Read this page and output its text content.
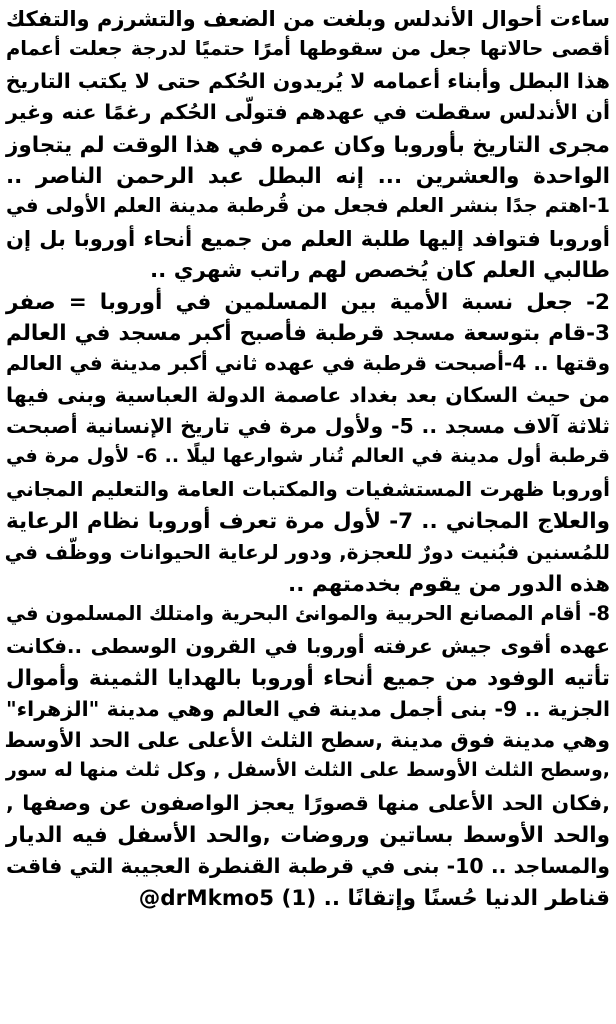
ساءت أحوال الأندلس وبلغت من الضعف والتشرزم والتفكك
أقصى حالاتها جعل من سقوطها أمرًا حتميًا لدرجة جعلت أعمام
هذا البطل وأبناء أعمامه لا يُريدون الحُكم حتى لا يكتب التاريخ
أن الأندلس سقطت في عهدهم فتولّى الحُكم رغمًا عنه وغير
مجرى التاريخ بأوروبا وكان عمره في هذا الوقت لم يتجاوز
الواحدة والعشرين ... إنه البطل عبد الرحمن الناصر ..
1-اهتم جدًا بنشر العلم فجعل من قُرطبة مدينة العلم الأولى في
أوروبا فتوافد إليها طلبة العلم من جميع أنحاء أوروبا بل إن
طالبي العلم كان يُخصص لهم راتب شهري ..
2- جعل نسبة الأمية بين المسلمين في أوروبا = صفر
3-قام بتوسعة مسجد قرطبة فأصبح أكبر مسجد في العالم
وقتها .. 4-أصبحت قرطبة في عهده ثاني أكبر مدينة في العالم
من حيث السكان بعد بغداد عاصمة الدولة العباسية وبنى فيها
ثلاثة آلاف مسجد .. 5- ولأول مرة في تاريخ الإنسانية أصبحت
قرطبة أول مدينة في العالم تُنار شوارعها ليلًا .. 6- لأول مرة في
أوروبا ظهرت المستشفيات والمكتبات العامة والتعليم المجاني
والعلاج المجاني .. 7- لأول مرة تعرف أوروبا نظام الرعاية
للمُسنين فبُنيت دورٌ للعجزة, ودور لرعاية الحيوانات ووظّف في
هذه الدور من يقوم بخدمتهم ..
8- أقام المصانع الحربية والموانئ البحرية وامتلك المسلمون في
عهده أقوى جيش عرفته أوروبا في القرون الوسطى ..فكانت
تأتيه الوفود من جميع أنحاء أوروبا بالهدايا الثمينة وأموال
الجزية .. 9- بنى أجمل مدينة في العالم وهي مدينة "الزهراء"
وهي مدينة فوق مدينة ,سطح الثلث الأعلى على الحد الأوسط
,وسطح الثلث الأوسط على الثلث الأسفل , وكل ثلث منها له سور
,فكان الحد الأعلى منها قصورًا يعجز الواصفون عن وصفها ,
والحد الأوسط بساتين وروضات ,والحد الأسفل فيه الديار
والمساجد .. 10- بنى في قرطبة القنطرة العجيبة التي فاقت
قناطر الدنيا حُسنًا وإتقانًا .. (1) @drMkmo5
